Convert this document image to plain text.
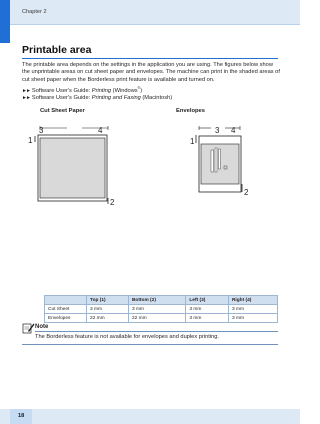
Chapter 2
Printable area
The printable area depends on the settings in the application you are using. The figures below show the unprintable areas on cut sheet paper and envelopes. The machine can print in the shaded areas of cut sheet paper when the Borderless print feature is available and turned on.
►► Software User's Guide: Printing (Windows®)
►► Software User's Guide: Printing and Faxing (Macintosh)
Cut Sheet Paper	Envelopes
3	4
1
2
3 4
1
2
	Top (1)	Bottom (2)	Left (3)	Right (4)
Cut Sheet	3 mm	3 mm	3 mm	3 mm
Envelopes	22 mm	22 mm	3 mm	3 mm
Note
The Borderless feature is not available for envelopes and duplex printing.
18
